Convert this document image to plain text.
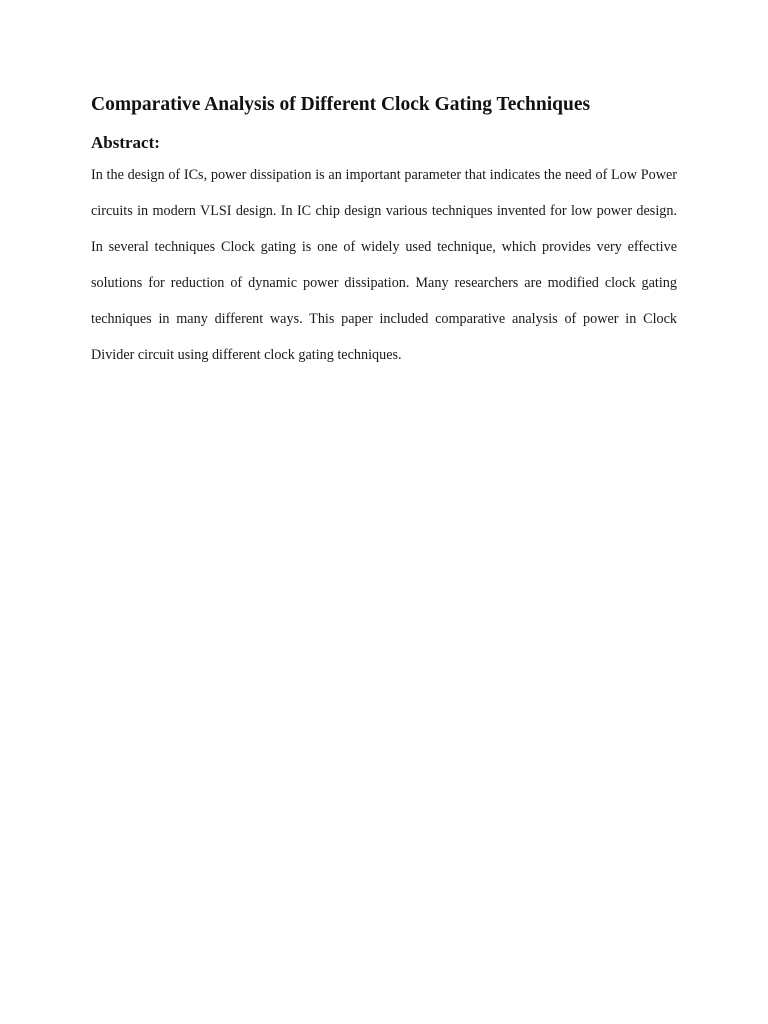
Comparative Analysis of Different Clock Gating Techniques
Abstract:

In the design of ICs, power dissipation is an important parameter that indicates the need of Low Power circuits in modern VLSI design. In IC chip design various techniques invented for low power design. In several techniques Clock gating is one of widely used technique, which provides very effective solutions for reduction of dynamic power dissipation. Many researchers are modified clock gating techniques in many different ways. This paper included comparative analysis of power in Clock Divider circuit using different clock gating techniques.
